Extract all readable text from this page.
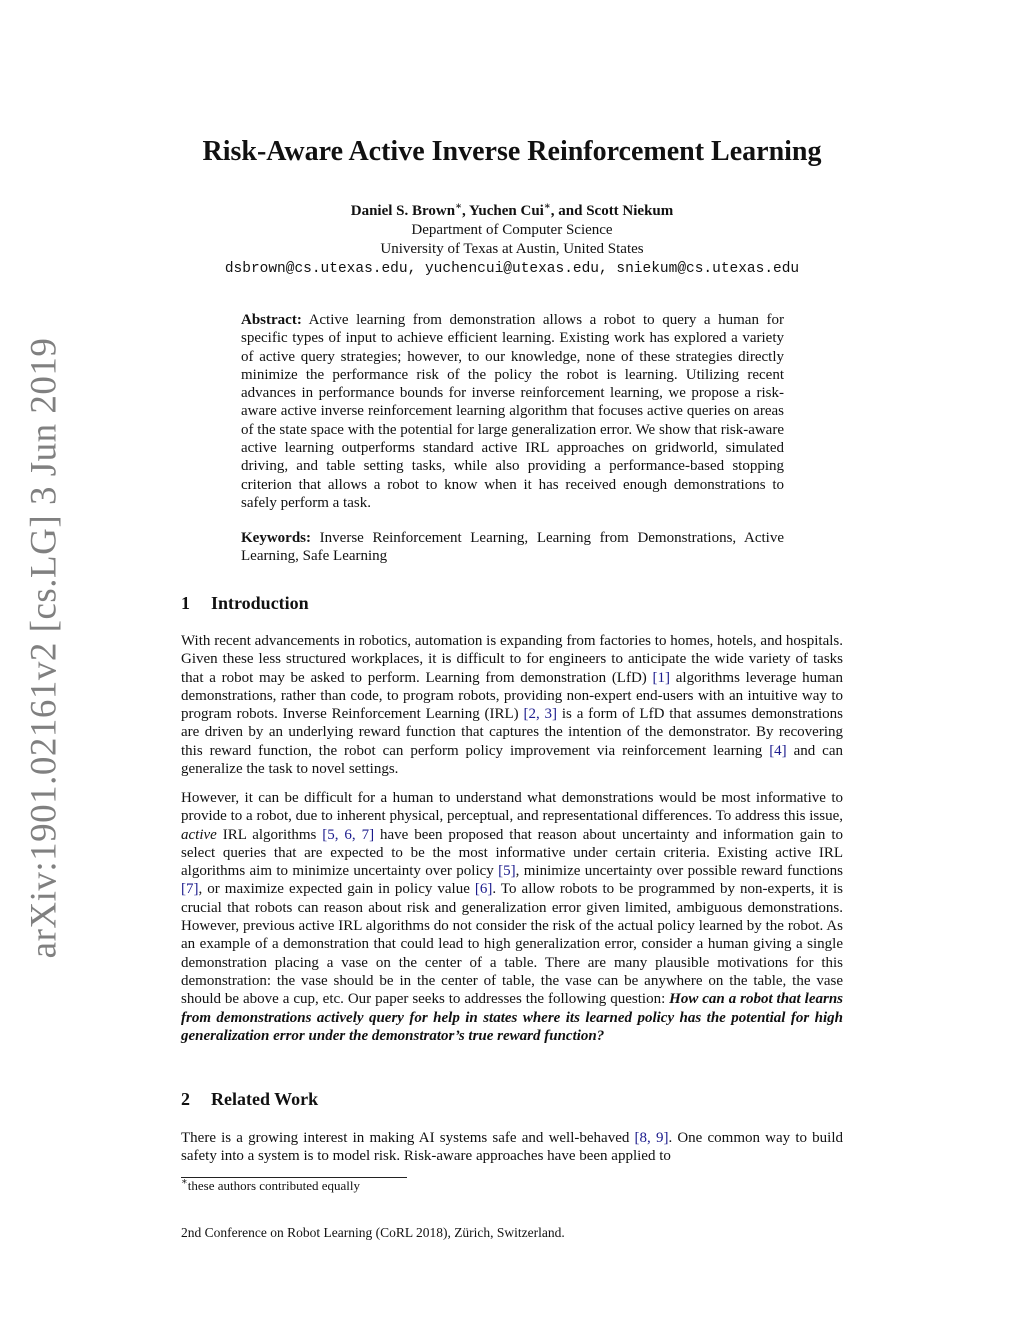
arXiv:1901.02161v2 [cs.LG] 3 Jun 2019
Risk-Aware Active Inverse Reinforcement Learning
Daniel S. Brown∗, Yuchen Cui∗, and Scott Niekum
Department of Computer Science
University of Texas at Austin, United States
dsbrown@cs.utexas.edu, yuchencui@utexas.edu, sniekum@cs.utexas.edu
Abstract: Active learning from demonstration allows a robot to query a human for specific types of input to achieve efficient learning. Existing work has explored a variety of active query strategies; however, to our knowledge, none of these strategies directly minimize the performance risk of the policy the robot is learning. Utilizing recent advances in performance bounds for inverse reinforcement learning, we propose a risk-aware active inverse reinforcement learning algorithm that focuses active queries on areas of the state space with the potential for large generalization error. We show that risk-aware active learning outperforms standard active IRL approaches on gridworld, simulated driving, and table setting tasks, while also providing a performance-based stopping criterion that allows a robot to know when it has received enough demonstrations to safely perform a task.
Keywords: Inverse Reinforcement Learning, Learning from Demonstrations, Active Learning, Safe Learning
1 Introduction
With recent advancements in robotics, automation is expanding from factories to homes, hotels, and hospitals. Given these less structured workplaces, it is difficult to for engineers to anticipate the wide variety of tasks that a robot may be asked to perform. Learning from demonstration (LfD) [1] algorithms leverage human demonstrations, rather than code, to program robots, providing non-expert end-users with an intuitive way to program robots. Inverse Reinforcement Learning (IRL) [2, 3] is a form of LfD that assumes demonstrations are driven by an underlying reward function that captures the intention of the demonstrator. By recovering this reward function, the robot can perform policy improvement via reinforcement learning [4] and can generalize the task to novel settings.
However, it can be difficult for a human to understand what demonstrations would be most informative to provide to a robot, due to inherent physical, perceptual, and representational differences. To address this issue, active IRL algorithms [5, 6, 7] have been proposed that reason about uncertainty and information gain to select queries that are expected to be the most informative under certain criteria. Existing active IRL algorithms aim to minimize uncertainty over policy [5], minimize uncertainty over possible reward functions [7], or maximize expected gain in policy value [6]. To allow robots to be programmed by non-experts, it is crucial that robots can reason about risk and generalization error given limited, ambiguous demonstrations. However, previous active IRL algorithms do not consider the risk of the actual policy learned by the robot. As an example of a demonstration that could lead to high generalization error, consider a human giving a single demonstration placing a vase on the center of a table. There are many plausible motivations for this demonstration: the vase should be in the center of table, the vase can be anywhere on the table, the vase should be above a cup, etc. Our paper seeks to addresses the following question: How can a robot that learns from demonstrations actively query for help in states where its learned policy has the potential for high generalization error under the demonstrator’s true reward function?
2 Related Work
There is a growing interest in making AI systems safe and well-behaved [8, 9]. One common way to build safety into a system is to model risk. Risk-aware approaches have been applied to
∗these authors contributed equally
2nd Conference on Robot Learning (CoRL 2018), Zürich, Switzerland.
